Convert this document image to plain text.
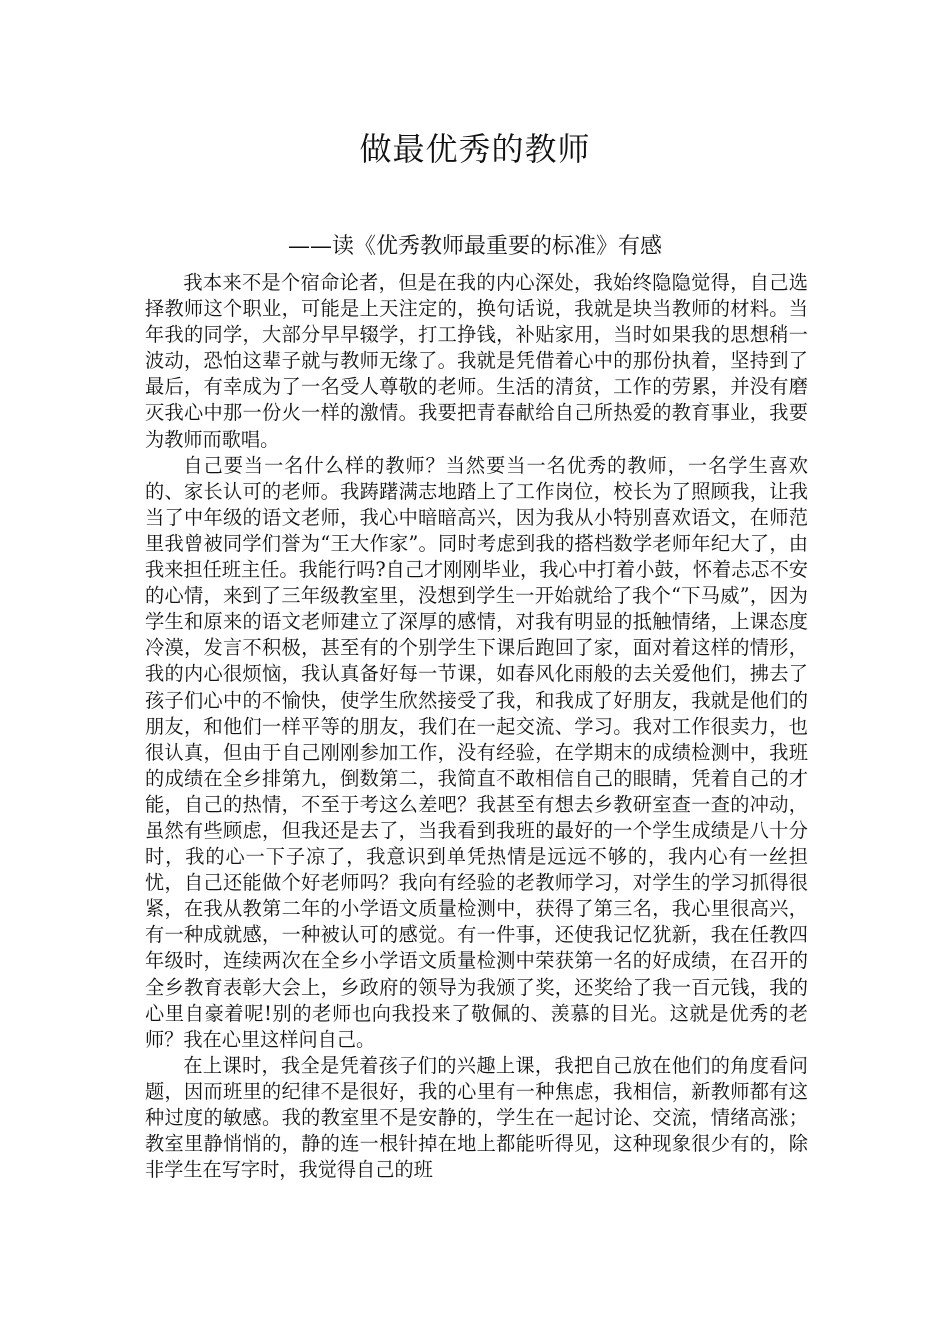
做最优秀的教师
——读《优秀教师最重要的标准》有感

我本来不是个宿命论者，但是在我的内心深处，我始终隐隐觉得，自己选择教师这个职业，可能是上天注定的，换句话说，我就是块当教师的材料。当年我的同学，大部分早早辍学，打工挣钱，补贴家用，当时如果我的思想稍一波动，恐怕这辈子就与教师无缘了。我就是凭借着心中的那份执着，坚持到了最后，有幸成为了一名受人尊敬的老师。生活的清贫，工作的劳累，并没有磨灭我心中那一份火一样的激情。我要把青春献给自己所热爱的教育事业，我要为教师而歌唱。

自己要当一名什么样的教师？当然要当一名优秀的教师，一名学生喜欢的、家长认可的老师。我踌躇满志地踏上了工作岗位，校长为了照顾我，让我当了中年级的语文老师，我心中暗暗高兴，因为我从小特别喜欢语文，在师范里我曾被同学们誉为“王大作家”。同时考虑到我的搭档数学老师年纪大了，由我来担任班主任。我能行吗?自己才刚刚毕业，我心中打着小鼓，怀着忐忑不安的心情，来到了三年级教室里，没想到学生一开始就给了我个“下马威”，因为学生和原来的语文老师建立了深厚的感情，对我有明显的抵触情绪，上课态度冷漠，发言不积极，甚至有的个别学生下课后跑回了家，面对着这样的情形，我的内心很烦恼，我认真备好每一节课，如春风化雨般的去关爱他们，拂去了孩子们心中的不愉快，使学生欣然接受了我，和我成了好朋友，我就是他们的朋友，和他们一样平等的朋友，我们在一起交流、学习。我对工作很卖力，也很认真，但由于自己刚刚参加工作，没有经验，在学期末的成绩检测中，我班的成绩在全乡排第九，倒数第二，我简直不敢相信自己的眼睛，凭着自己的才能，自己的热情，不至于考这么差吧？我甚至有想去乡教研室查一查的冲动，虽然有些顾虑，但我还是去了，当我看到我班的最好的一个学生成绩是八十分时，我的心一下子凉了，我意识到单凭热情是远远不够的，我内心有一丝担忧，自己还能做个好老师吗？我向有经验的老教师学习，对学生的学习抓得很紧，在我从教第二年的小学语文质量检测中，获得了第三名，我心里很高兴，有一种成就感，一种被认可的感觉。有一件事，还使我记忆犹新，我在任教四年级时，连续两次在全乡小学语文质量检测中荣获第一名的好成绩，在召开的全乡教育表彰大会上，乡政府的领导为我颁了奖，还奖给了我一百元钱，我的心里自豪着呢!别的老师也向我投来了敬佩的、羡慕的目光。这就是优秀的老师？我在心里这样问自己。

在上课时，我全是凭着孩子们的兴趣上课，我把自己放在他们的角度看问题，因而班里的纪律不是很好，我的心里有一种焦虑，我相信，新教师都有这种过度的敏感。我的教室里不是安静的，学生在一起讨论、交流，情绪高涨；教室里静悄悄的，静的连一根针掉在地上都能听得见，这种现象很少有的，除非学生在写字时，我觉得自己的班
